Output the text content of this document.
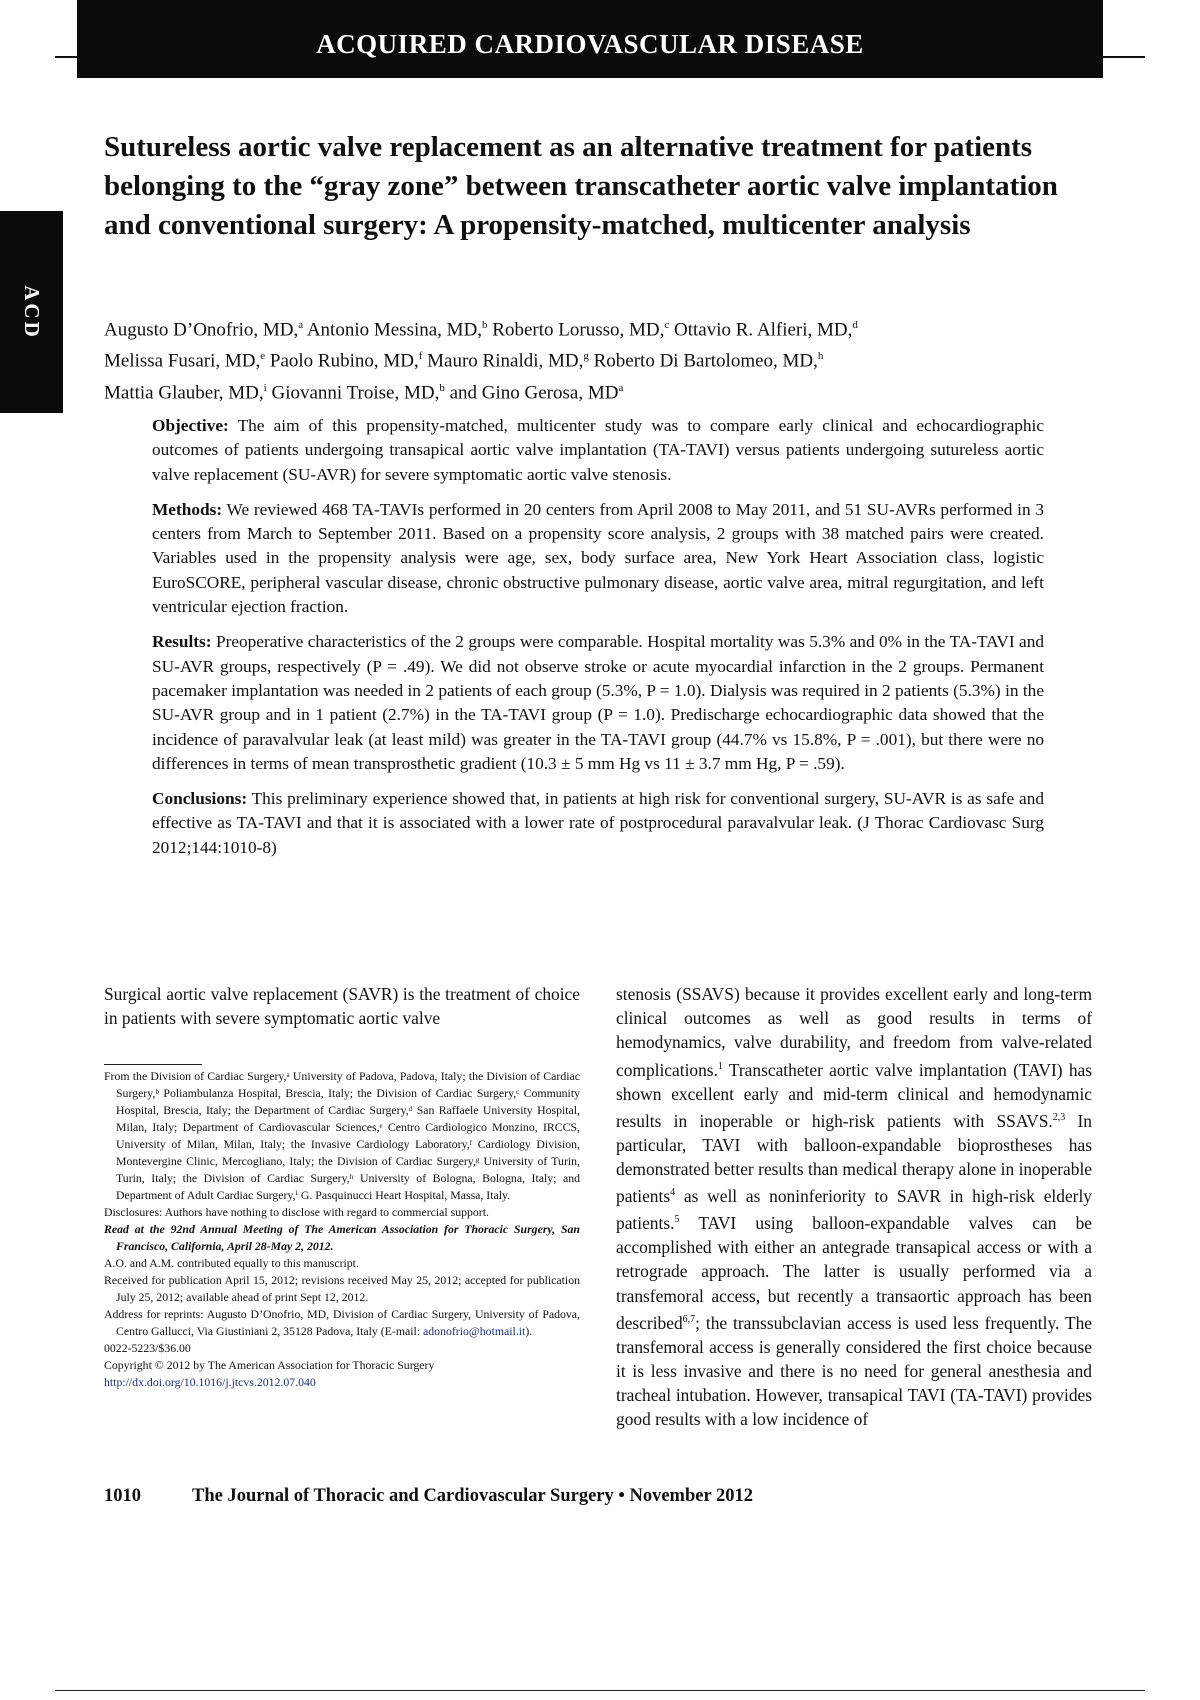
ACQUIRED CARDIOVASCULAR DISEASE
ACD
Sutureless aortic valve replacement as an alternative treatment for patients belonging to the “gray zone” between transcatheter aortic valve implantation and conventional surgery: A propensity-matched, multicenter analysis
Augusto D’Onofrio, MD,$^a$ Antonio Messina, MD,$^b$ Roberto Lorusso, MD,$^c$ Ottavio R. Alfieri, MD,$^d$
Melissa Fusari, MD,$^e$ Paolo Rubino, MD,$^f$ Mauro Rinaldi, MD,$^g$ Roberto Di Bartolomeo, MD,$^h$
Mattia Glauber, MD,$^i$ Giovanni Troise, MD,$^b$ and Gino Gerosa, $MD^a$

Objective: The aim of this propensity-matched, multicenter study was to compare early clinical and echocardiographic outcomes of patients undergoing transapical aortic valve implantation (TA-TAVI) versus patients undergoing sutureless aortic valve replacement (SU-AVR) for severe symptomatic aortic valve stenosis.

Methods: We reviewed 468 TA-TAVIs performed in 20 centers from April 2008 to May 2011, and 51 SU-AVRs performed in 3 centers from March to September 2011. Based on a propensity score analysis, 2 groups with 38 matched pairs were created. Variables used in the propensity analysis were age, sex, body surface area, New York Heart Association class, logistic EuroSCORE, peripheral vascular disease, chronic obstructive pulmonary disease, aortic valve area, mitral regurgitation, and left ventricular ejection fraction.

Results: Preoperative characteristics of the 2 groups were comparable. Hospital mortality was 5.3% and 0% in the TA-TAVI and SU-AVR groups, respectively (P = .49). We did not observe stroke or acute myocardial infarction in the 2 groups. Permanent pacemaker implantation was needed in 2 patients of each group (5.3%, P = 1.0). Dialysis was required in 2 patients (5.3%) in the SU-AVR group and in 1 patient (2.7%) in the TA-TAVI group (P = 1.0). Predischarge echocardiographic data showed that the incidence of paravalvular leak (at least mild) was greater in the TA-TAVI group (44.7% vs 15.8%, P = .001), but there were no differences in terms of mean transprosthetic gradient (10.3 ± 5 mm Hg vs 11 ± 3.7 mm Hg, P = .59).

Conclusions: This preliminary experience showed that, in patients at high risk for conventional surgery, SU-AVR is as safe and effective as TA-TAVI and that it is associated with a lower rate of postprocedural paravalvular leak. (J Thorac Cardiovasc Surg 2012;144:1010-8)

Surgical aortic valve replacement (SAVR) is the treatment of choice in patients with severe symptomatic aortic valve

From the Division of Cardiac Surgery,ᵃ University of Padova, Padova, Italy; the Division of Cardiac Surgery,ᵇ Poliambulanza Hospital, Brescia, Italy; the Division of Cardiac Surgery,ᶜ Community Hospital, Brescia, Italy; the Department of Cardiac Surgery,ᵈ San Raffaele University Hospital, Milan, Italy; Department of Cardiovascular Sciences,ᵉ Centro Cardiologico Monzino, IRCCS, University of Milan, Milan, Italy; the Invasive Cardiology Laboratory,ᶠ Cardiology Division, Montevergine Clinic, Mercogliano, Italy; the Division of Cardiac Surgery,ᵍ University of Turin, Turin, Italy; the Division of Cardiac Surgery,ʰ University of Bologna, Bologna, Italy; and Department of Adult Cardiac Surgery,ⁱ G. Pasquinucci Heart Hospital, Massa, Italy.

Disclosures: Authors have nothing to disclose with regard to commercial support.

Read at the 92nd Annual Meeting of The American Association for Thoracic Surgery, San Francisco, California, April 28-May 2, 2012.

A.O. and A.M. contributed equally to this manuscript.

Received for publication April 15, 2012; revisions received May 25, 2012; accepted for publication July 25, 2012; available ahead of print Sept 12, 2012.

Address for reprints: Augusto D’Onofrio, MD, Division of Cardiac Surgery, University of Padova, Centro Gallucci, Via Giustiniani 2, 35128 Padova, Italy (E-mail: adonofrio@hotmail.it).

0022-5223/$36.00

Copyright © 2012 by The American Association for Thoracic Surgery

http://dx.doi.org/10.1016/j.jtcvs.2012.07.040

stenosis (SSAVS) because it provides excellent early and long-term clinical outcomes as well as good results in terms of hemodynamics, valve durability, and freedom from valve-related complications.$^1$ Transcatheter aortic valve implantation (TAVI) has shown excellent early and mid-term clinical and hemodynamic results in inoperable or high-risk patients with SSAVS.$^{2,3}$ In particular, TAVI with balloon-expandable bioprostheses has demonstrated better results than medical therapy alone in inoperable patients$^4$ as well as noninferiority to SAVR in high-risk elderly patients.$^5$ TAVI using balloon-expandable valves can be accomplished with either an antegrade transapical access or with a retrograde approach. The latter is usually performed via a transfemoral access, but recently a transaortic approach has been described$^{6,7}$; the transsubclavian access is used less frequently. The transfemoral access is generally considered the first choice because it is less invasive and there is no need for general anesthesia and tracheal intubation. However, transapical TAVI (TA-TAVI) provides good results with a low incidence of

1010	The Journal of Thoracic and Cardiovascular Surgery • November 2012
